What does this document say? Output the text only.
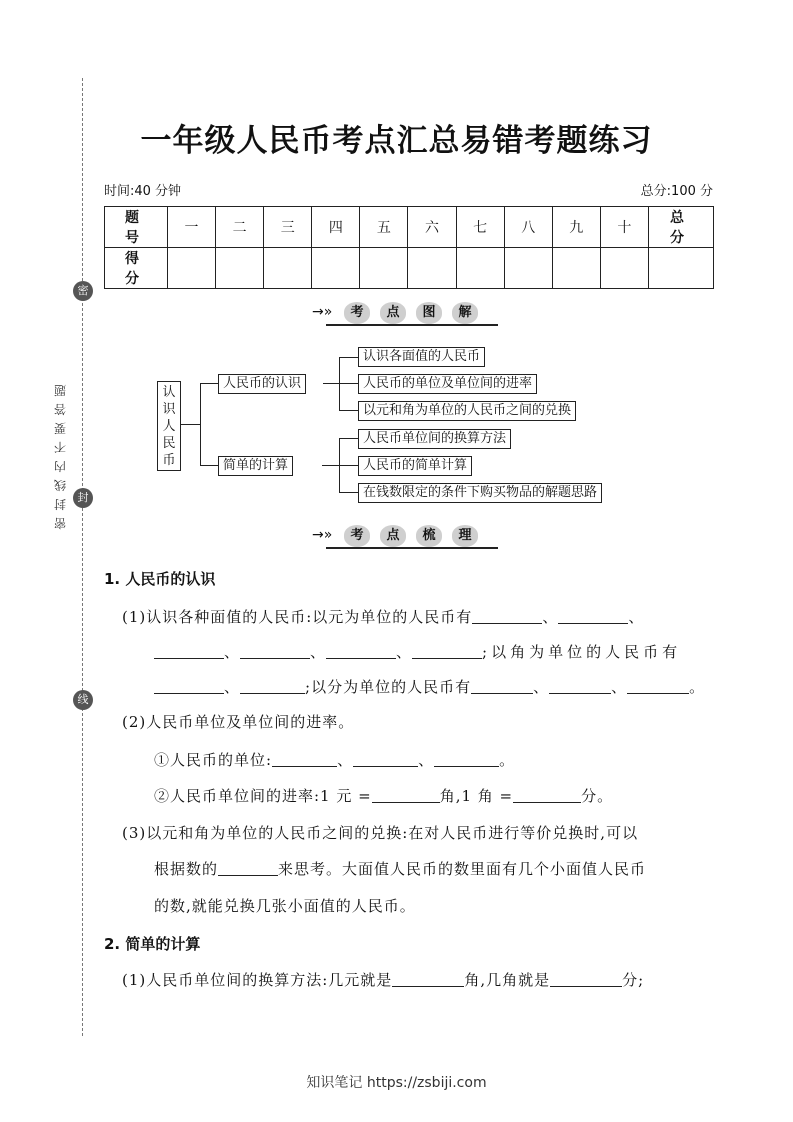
密
封
线
密封线内不要答题
一年级人民币考点汇总易错考题练习
时间:40 分钟	总分:100 分
题　号	一	二	三	四	五	六	七	八	九	十	总　分
得　分											
→»	考	点	图	解
认识人民币
人民币的认识
简单的计算
认识各面值的人民币
人民币的单位及单位间的进率
以元和角为单位的人民币之间的兑换
人民币单位间的换算方法
人民币的简单计算
在钱数限定的条件下购买物品的解题思路
→»	考	点	梳	理
1. 人民币的认识
(1)认识各种面值的人民币:以元为单位的人民币有	、	、
、	、	、	;以角为单位的人民币有
、	;以分为单位的人民币有	、	、	。
(2)人民币单位及单位间的进率。
①人民币的单位:	、	、	。
②人民币单位间的进率:1 元 =	角,1 角 =	分。
(3)以元和角为单位的人民币之间的兑换:在对人民币进行等价兑换时,可以
根据数的	来思考。大面值人民币的数里面有几个小面值人民币
的数,就能兑换几张小面值的人民币。
2. 简单的计算
(1)人民币单位间的换算方法:几元就是	角,几角就是	分;
知识笔记 https://zsbiji.com
